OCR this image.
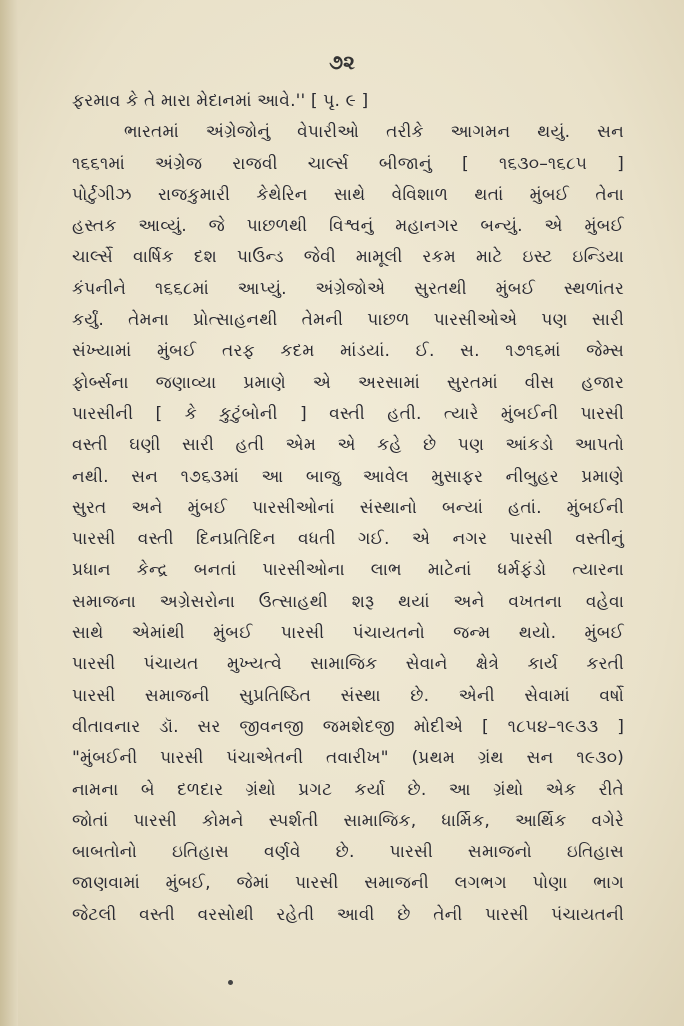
૭૨
ફરમાવ કે તે મારા મેદાનમાં આવે.'' [ પૃ. ૯ ]
ભારતમાં અંગ્રેજોનું વેપારીઓ તરીકે આગમન થયું. સન
૧૬૬૧માં અંગ્રેજ રાજવી ચાર્લ્સ બીજાનું [ ૧૬૩૦–૧૬૮૫ ]
પોર્ટુગીઝ રાજકુમારી કેથેરિન સાથે વેવિશાળ થતાં મુંબઈ તેના
હસ્તક આવ્યું. જે પાછળથી વિશ્વનું મહાનગર બન્યું. એ મુંબઈ
ચાર્લ્સે વાર્ષિક દશ પાઉન્ડ જેવી મામૂલી રકમ માટે ઇસ્ટ ઇન્ડિયા
કંપનીને ૧૬૬૮માં આપ્યું. અંગ્રેજોએ સુરતથી મુંબઈ સ્થળાંતર
કર્યું. તેમના પ્રોત્સાહનથી તેમની પાછળ પારસીઓએ પણ સારી
સંખ્યામાં મુંબઈ તરફ કદમ માંડયાં. ઈ. સ. ૧૭૧૬માં જેમ્સ
ફોર્બ્સના જણાવ્યા પ્રમાણે એ અરસામાં સુરતમાં વીસ હજાર
પારસીની [ કે કુટુંબોની ] વસ્તી હતી. ત્યારે મુંબઈની પારસી
વસ્તી ઘણી સારી હતી એમ એ કહે છે પણ આંકડો આપતો
નથી. સન ૧૭૬૩માં આ બાજુ આવેલ મુસાફર નીબુહર પ્રમાણે
સુરત અને મુંબઈ પારસીઓનાં સંસ્થાનો બન્યાં હતાં. મુંબઈની
પારસી વસ્તી દિનપ્રતિદિન વધતી ગઈ. એ નગર પારસી વસ્તીનું
પ્રધાન કેન્દ્ર બનતાં પારસીઓના લાભ માટેનાં ધર્મફંડો ત્યારના
સમાજના અગ્રેસરોના ઉત્સાહથી શરૂ થયાં અને વખતના વહેવા
સાથે એમાંથી મુંબઈ પારસી પંચાયતનો જન્મ થયો. મુંબઈ
પારસી પંચાયત મુખ્યત્વે સામાજિક સેવાને ક્ષેત્રે કાર્ય કરતી
પારસી સમાજની સુપ્રતિષ્ઠિત સંસ્થા છે. એની સેવામાં વર્ષો
વીતાવનાર ડૉ. સર જીવનજી જમશેદજી મોદીએ [ ૧૮૫૪–૧૯૩૩ ]
"મુંબઈની પારસી પંચાએતની તવારીખ" (પ્રથમ ગ્રંથ સન ૧૯૩૦)
નામના બે દળદાર ગ્રંથો પ્રગટ કર્યા છે. આ ગ્રંથો એક રીતે
જોતાં પારસી કોમને સ્પર્શતી સામાજિક, ધાર્મિક, આર્થિક વગેરે
બાબતોનો ઇતિહાસ વર્ણવે છે. પારસી સમાજનો ઇતિહાસ
જાણવામાં મુંબઈ, જેમાં પારસી સમાજની લગભગ પોણા ભાગ
જેટલી વસ્તી વરસોથી રહેતી આવી છે તેની પારસી પંચાયતની
